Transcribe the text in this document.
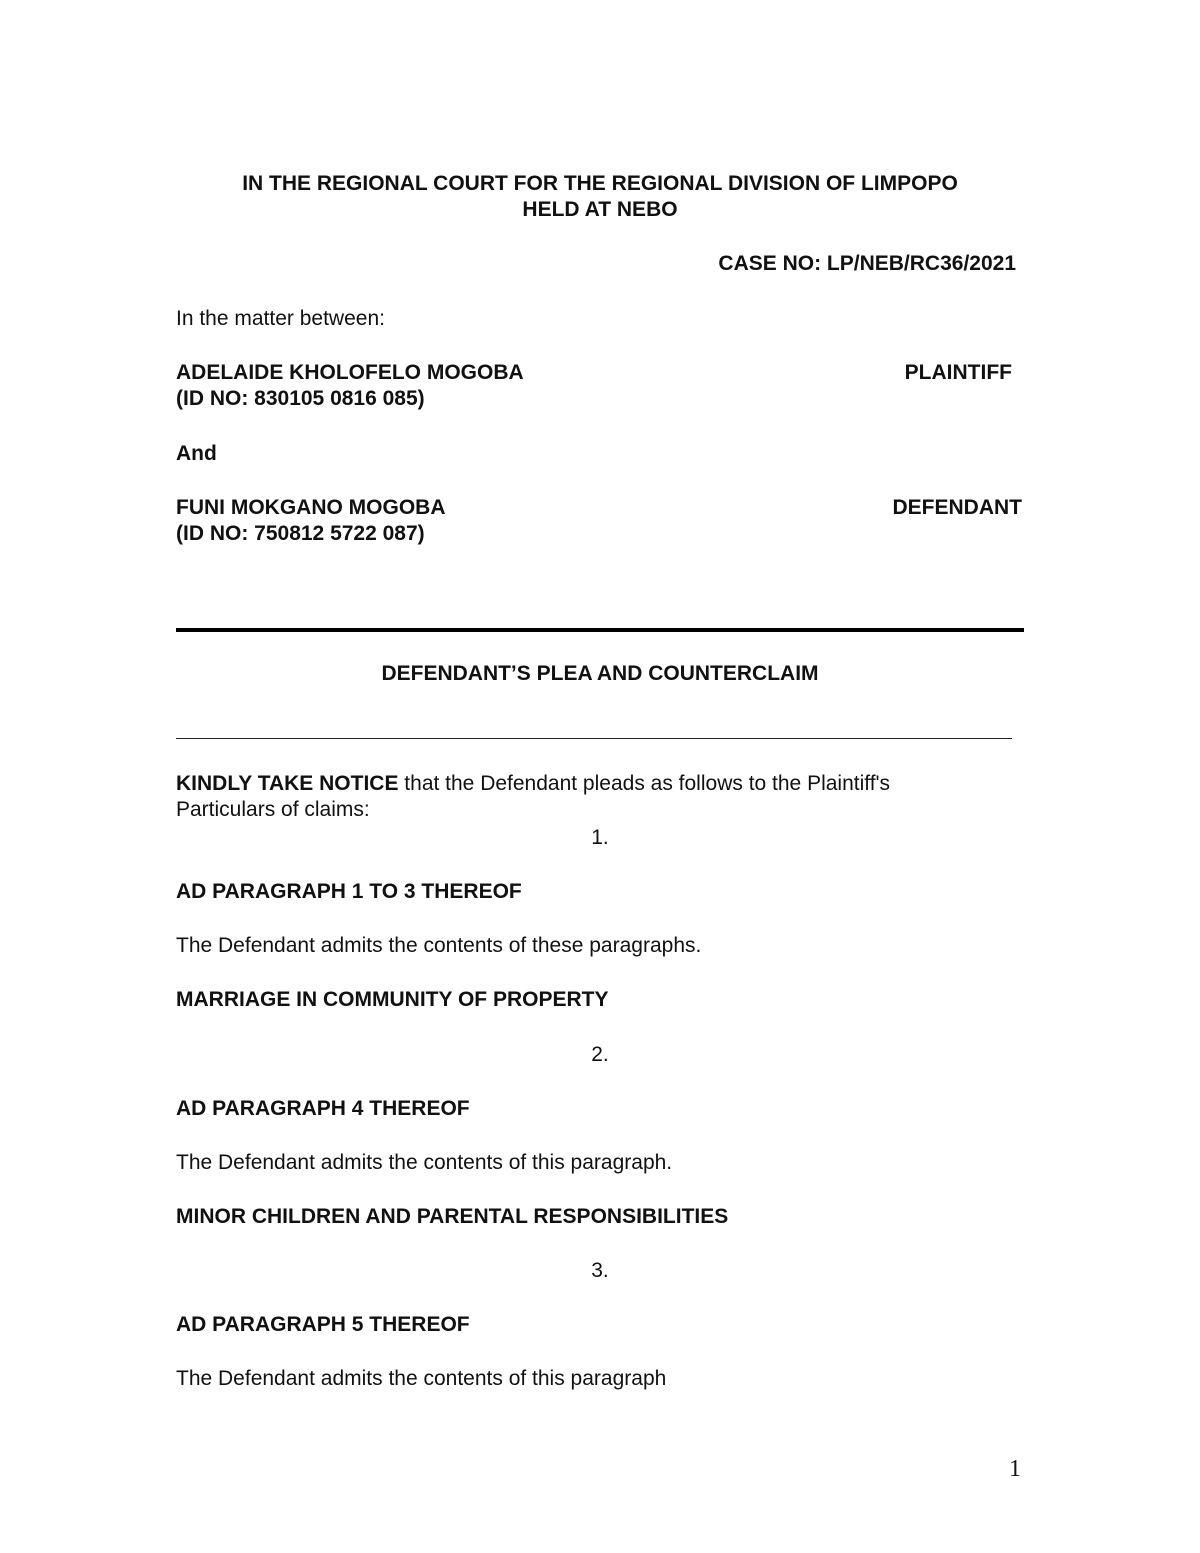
IN THE REGIONAL COURT FOR THE REGIONAL DIVISION OF LIMPOPO
HELD AT NEBO
CASE NO: LP/NEB/RC36/2021
In the matter between:
ADELAIDE KHOLOFELO MOGOBA	PLAINTIFF
(ID NO: 830105 0816 085)
And
FUNI MOKGANO MOGOBA	DEFENDANT
(ID NO: 750812 5722 087)
DEFENDANT’S PLEA AND COUNTERCLAIM
KINDLY TAKE NOTICE that the Defendant pleads as follows to the Plaintiff's
Particulars of claims:
1.
AD PARAGRAPH 1 TO 3 THEREOF
The Defendant admits the contents of these paragraphs.
MARRIAGE IN COMMUNITY OF PROPERTY
2.
AD PARAGRAPH 4 THEREOF
The Defendant admits the contents of this paragraph.
MINOR CHILDREN AND PARENTAL RESPONSIBILITIES
3.
AD PARAGRAPH 5 THEREOF
The Defendant admits the contents of this paragraph
1
